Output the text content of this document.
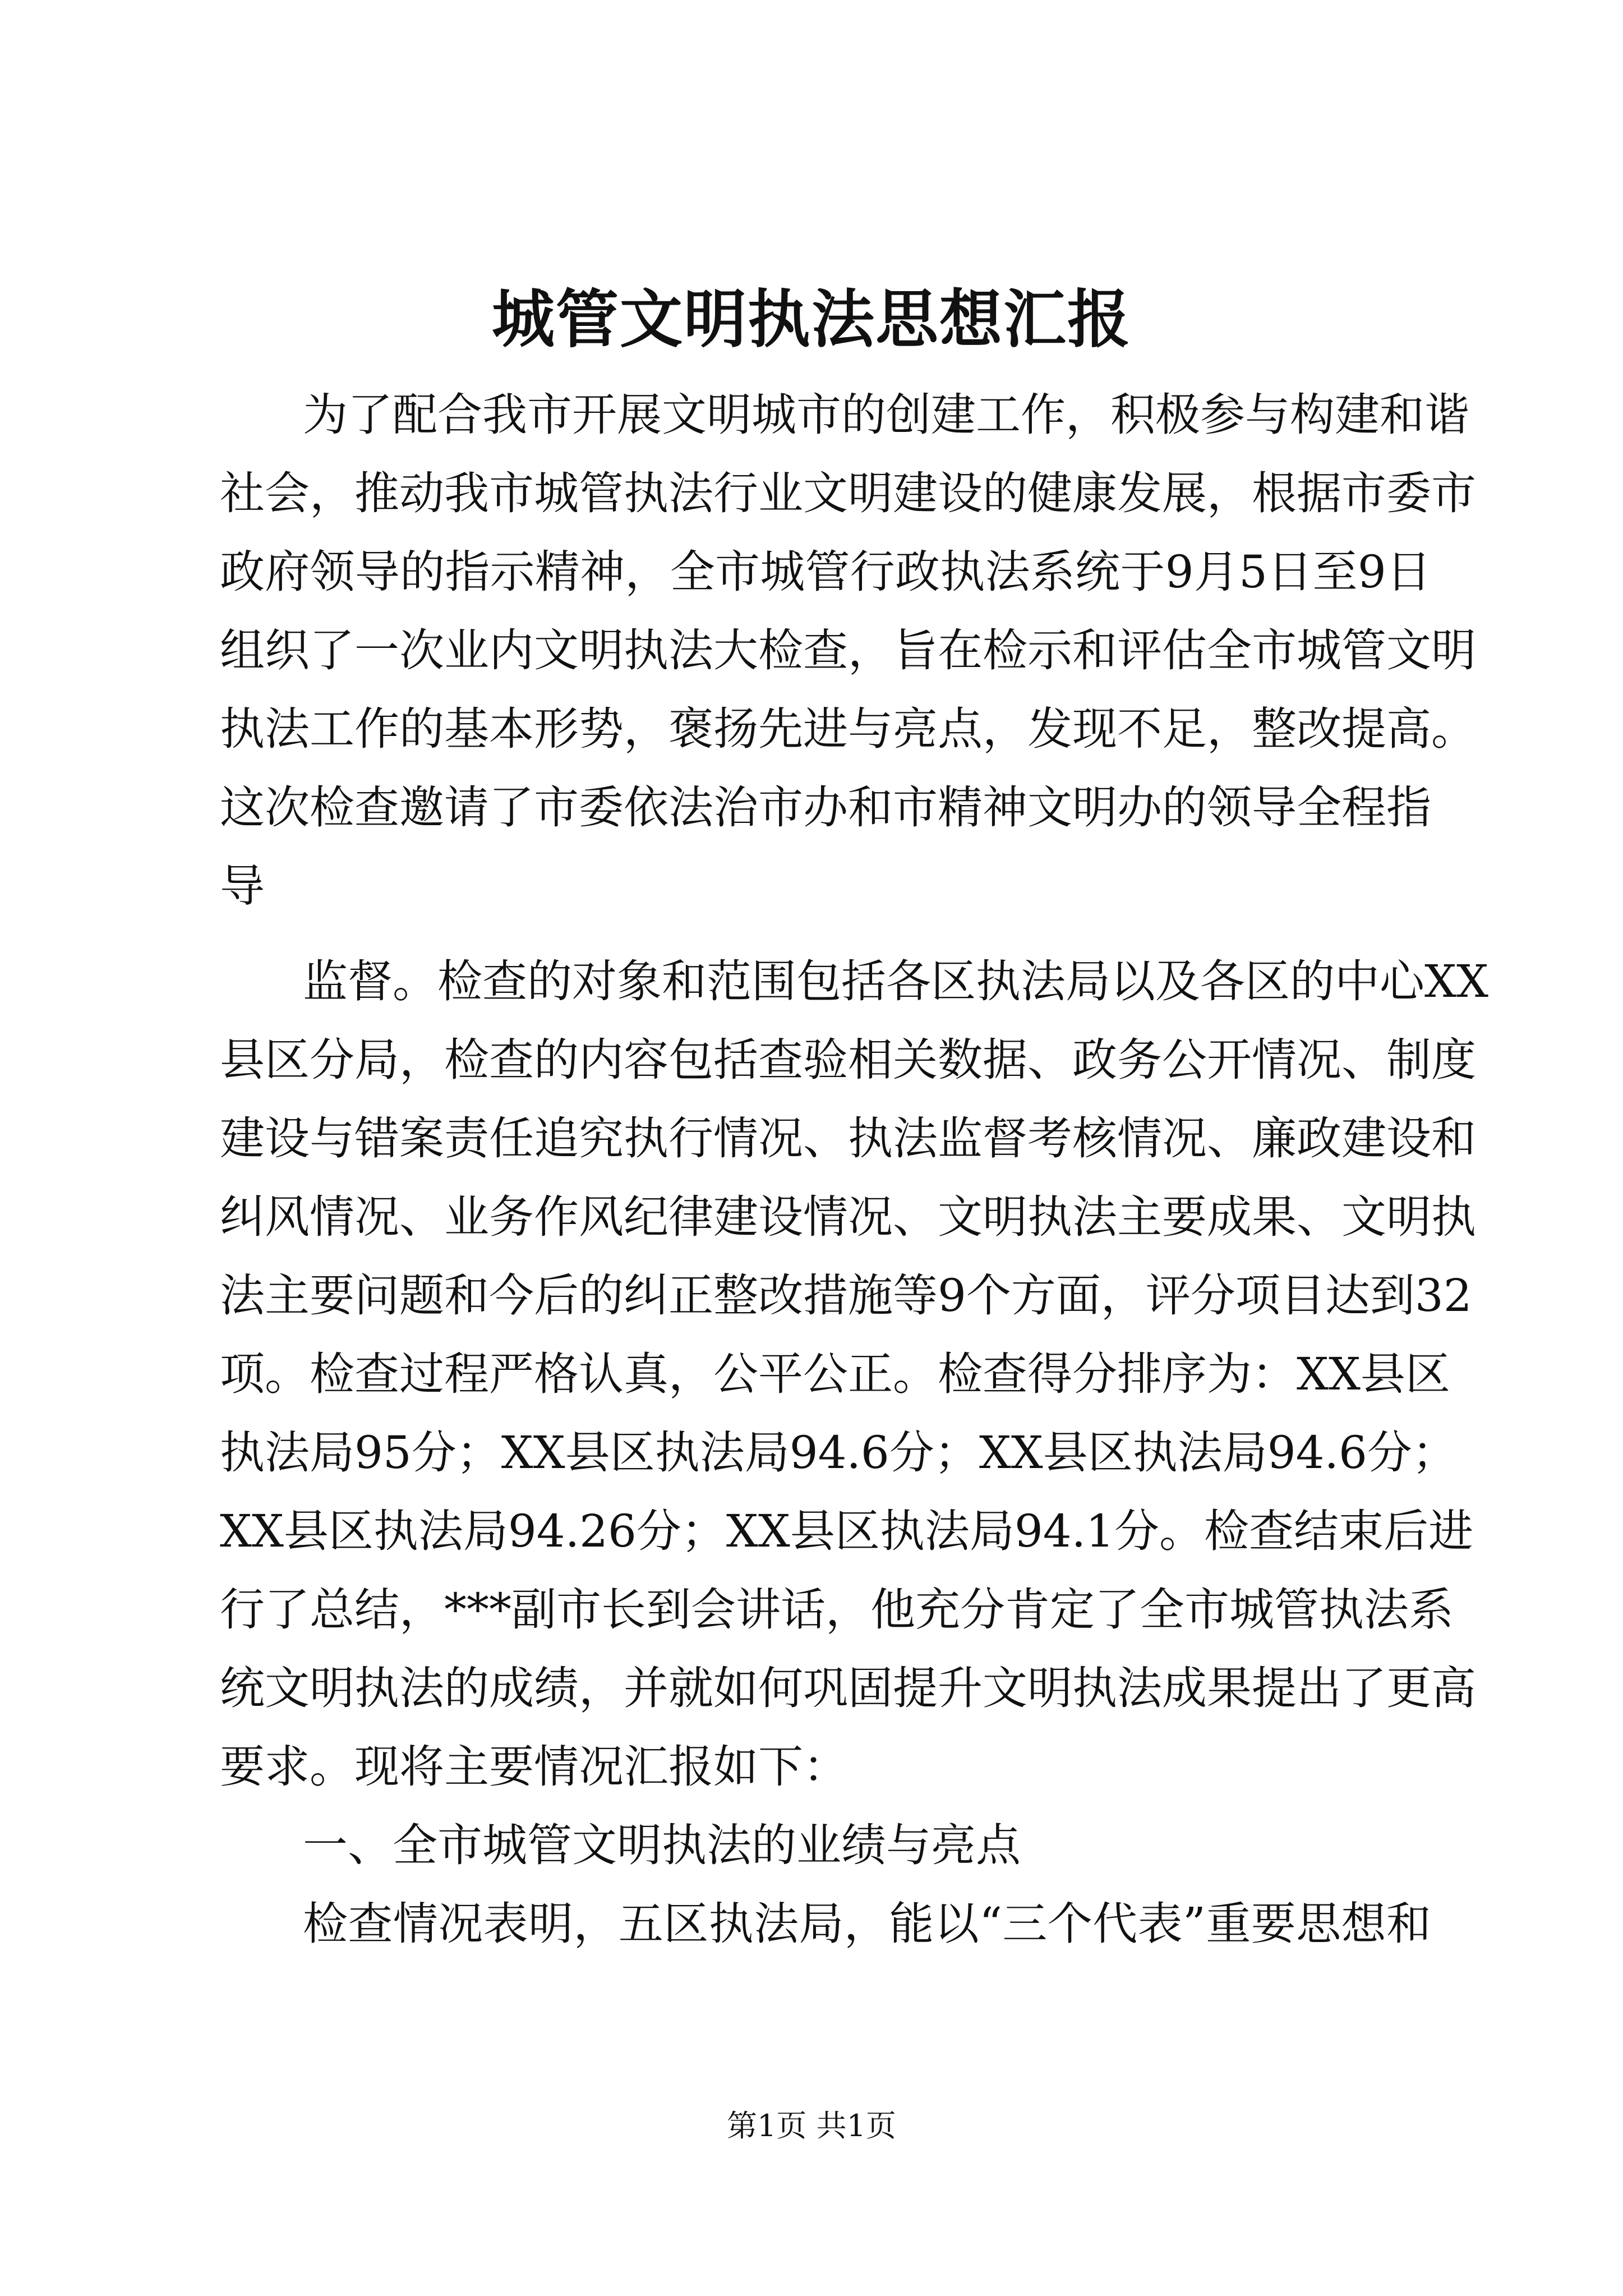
城管文明执法思想汇报
为了配合我市开展文明城市的创建工作，积极参与构建和谐
社会，推动我市城管执法行业文明建设的健康发展，根据市委市
政府领导的指示精神，全市城管行政执法系统于9月5日至9日
组织了一次业内文明执法大检查，旨在检示和评估全市城管文明
执法工作的基本形势，褒扬先进与亮点，发现不足，整改提高。
这次检查邀请了市委依法治市办和市精神文明办的领导全程指
导
监督。检查的对象和范围包括各区执法局以及各区的中心XX
县区分局，检查的内容包括查验相关数据、政务公开情况、制度
建设与错案责任追究执行情况、执法监督考核情况、廉政建设和
纠风情况、业务作风纪律建设情况、文明执法主要成果、文明执
法主要问题和今后的纠正整改措施等9个方面，评分项目达到32
项。检查过程严格认真，公平公正。检查得分排序为：XX县区
执法局95分；XX县区执法局94.6分；XX县区执法局94.6分；
XX县区执法局94.26分；XX县区执法局94.1分。检查结束后进
行了总结，***副市长到会讲话，他充分肯定了全市城管执法系
统文明执法的成绩，并就如何巩固提升文明执法成果提出了更高
要求。现将主要情况汇报如下：
一、全市城管文明执法的业绩与亮点
检查情况表明，五区执法局，能以“三个代表”重要思想和
第1页 共1页
